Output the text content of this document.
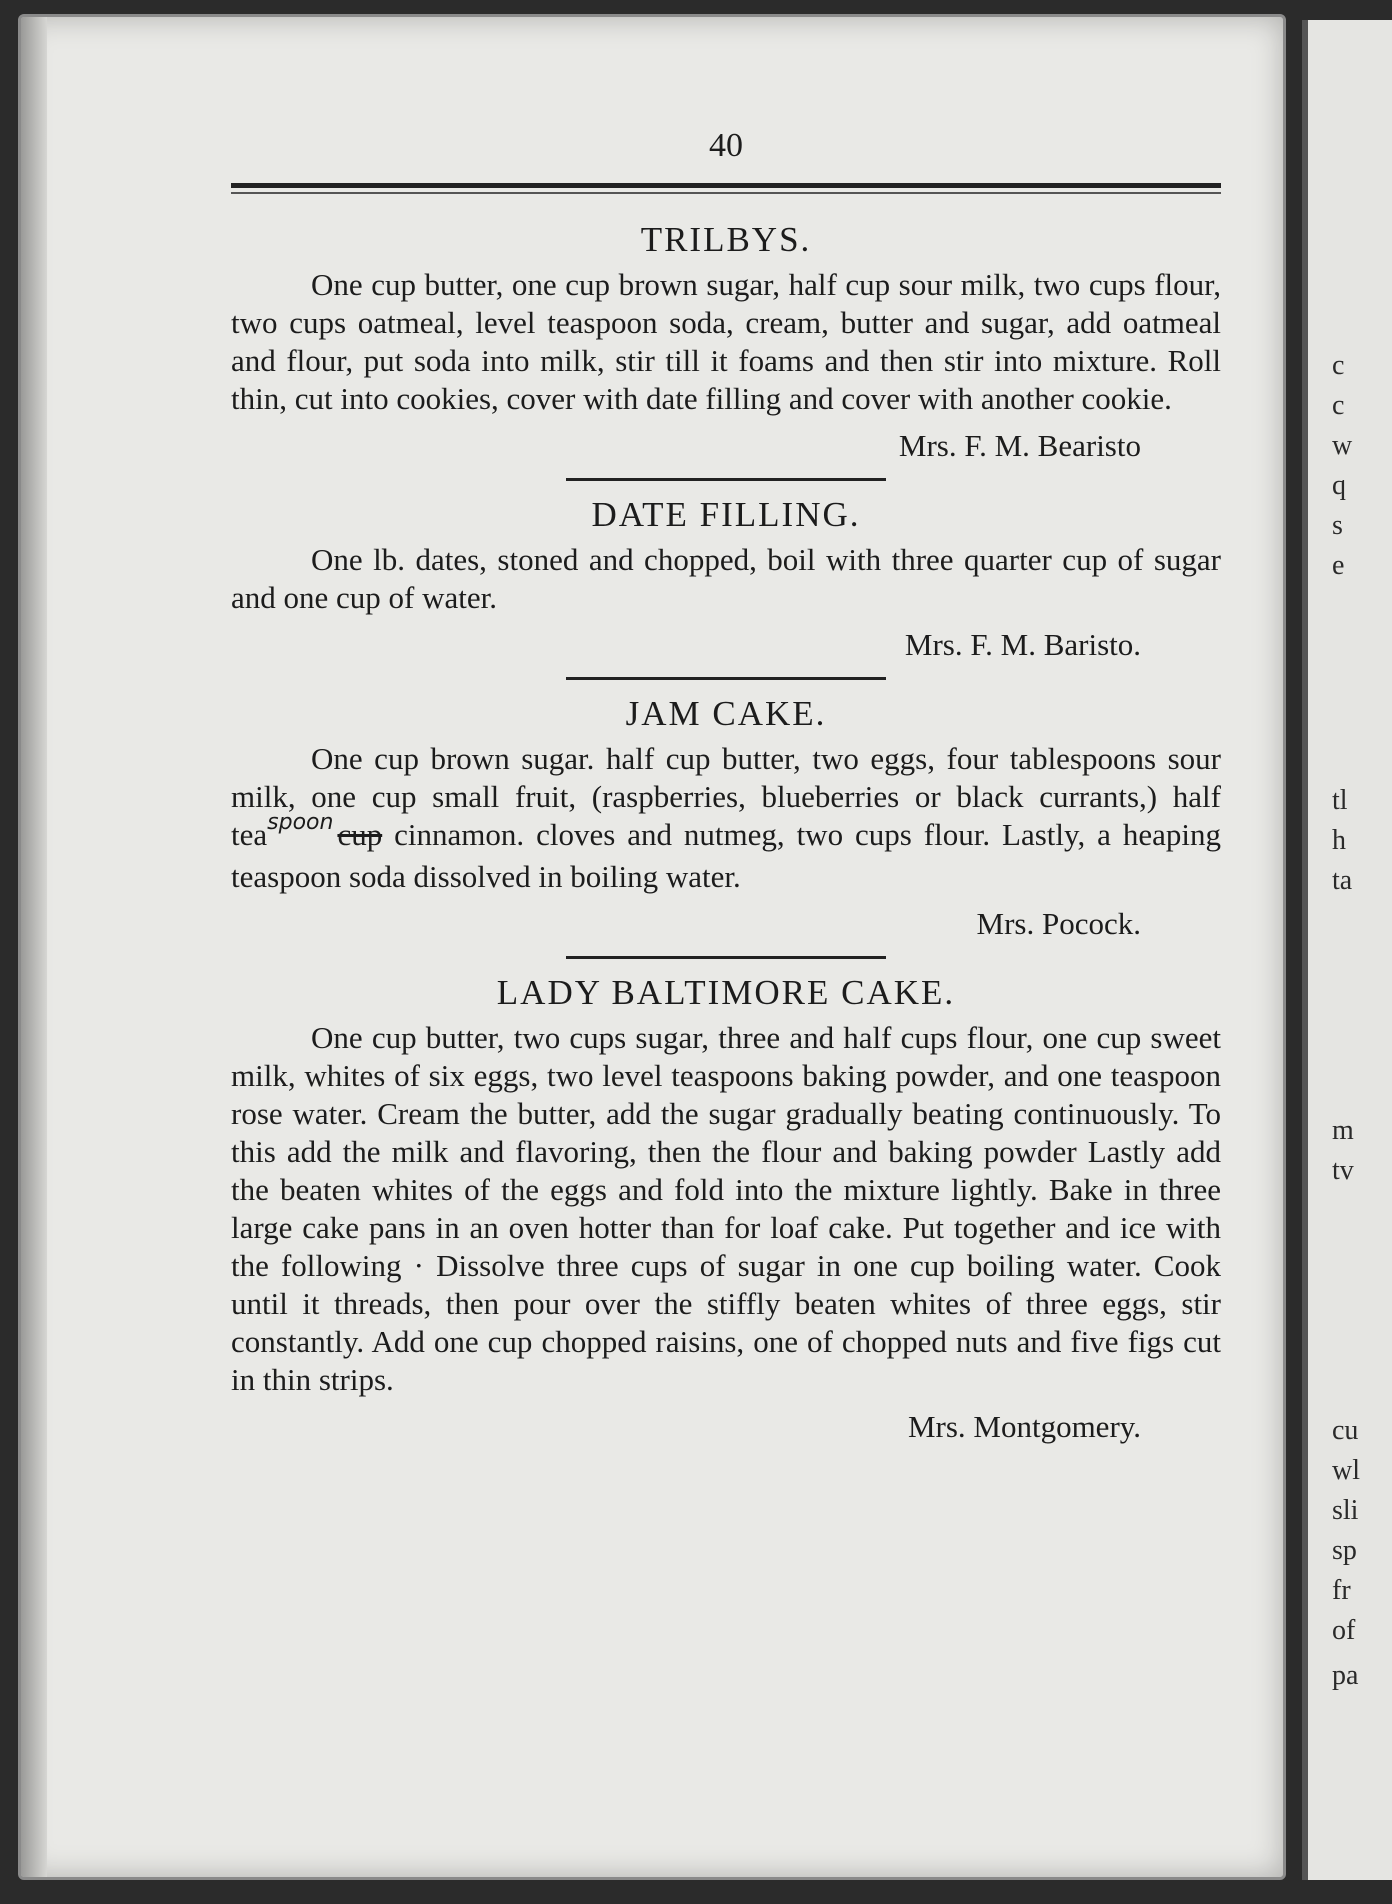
40
TRILBYS.

One cup butter, one cup brown sugar, half cup sour milk, two cups flour, two cups oatmeal, level teaspoon soda, cream, butter and sugar, add oatmeal and flour, put soda into milk, stir till it foams and then stir into mixture. Roll thin, cut into cookies, cover with date filling and cover with another cookie.

Mrs. F. M. Bearisto
DATE FILLING.

One lb. dates, stoned and chopped, boil with three quarter cup of sugar and one cup of water.

Mrs. F. M. Baristo.
JAM CAKE.

One cup brown sugar. half cup butter, two eggs, four tablespoons sour milk, one cup small fruit, (raspberries, blueberries or black currants,) half tea$^{spoon}$ cup cinnamon. cloves and nutmeg, two cups flour. Lastly, a heaping teaspoon soda dissolved in boiling water.

Mrs. Pocock.
LADY BALTIMORE CAKE.

One cup butter, two cups sugar, three and half cups flour, one cup sweet milk, whites of six eggs, two level teaspoons baking powder, and one teaspoon rose water. Cream the butter, add the sugar gradually beating continuously. To this add the milk and flavoring, then the flour and baking powder Lastly add the beaten whites of the eggs and fold into the mixture lightly. Bake in three large cake pans in an oven hotter than for loaf cake. Put together and ice with the following · Dissolve three cups of sugar in one cup boiling water. Cook until it threads, then pour over the stiffly beaten whites of three eggs, stir constantly. Add one cup chopped raisins, one of chopped nuts and five figs cut in thin strips.

Mrs. Montgomery.
c
c
w
q
s
e
tl
h
ta
m
tv
cu
wl
sli
sp
fr
of
pa
